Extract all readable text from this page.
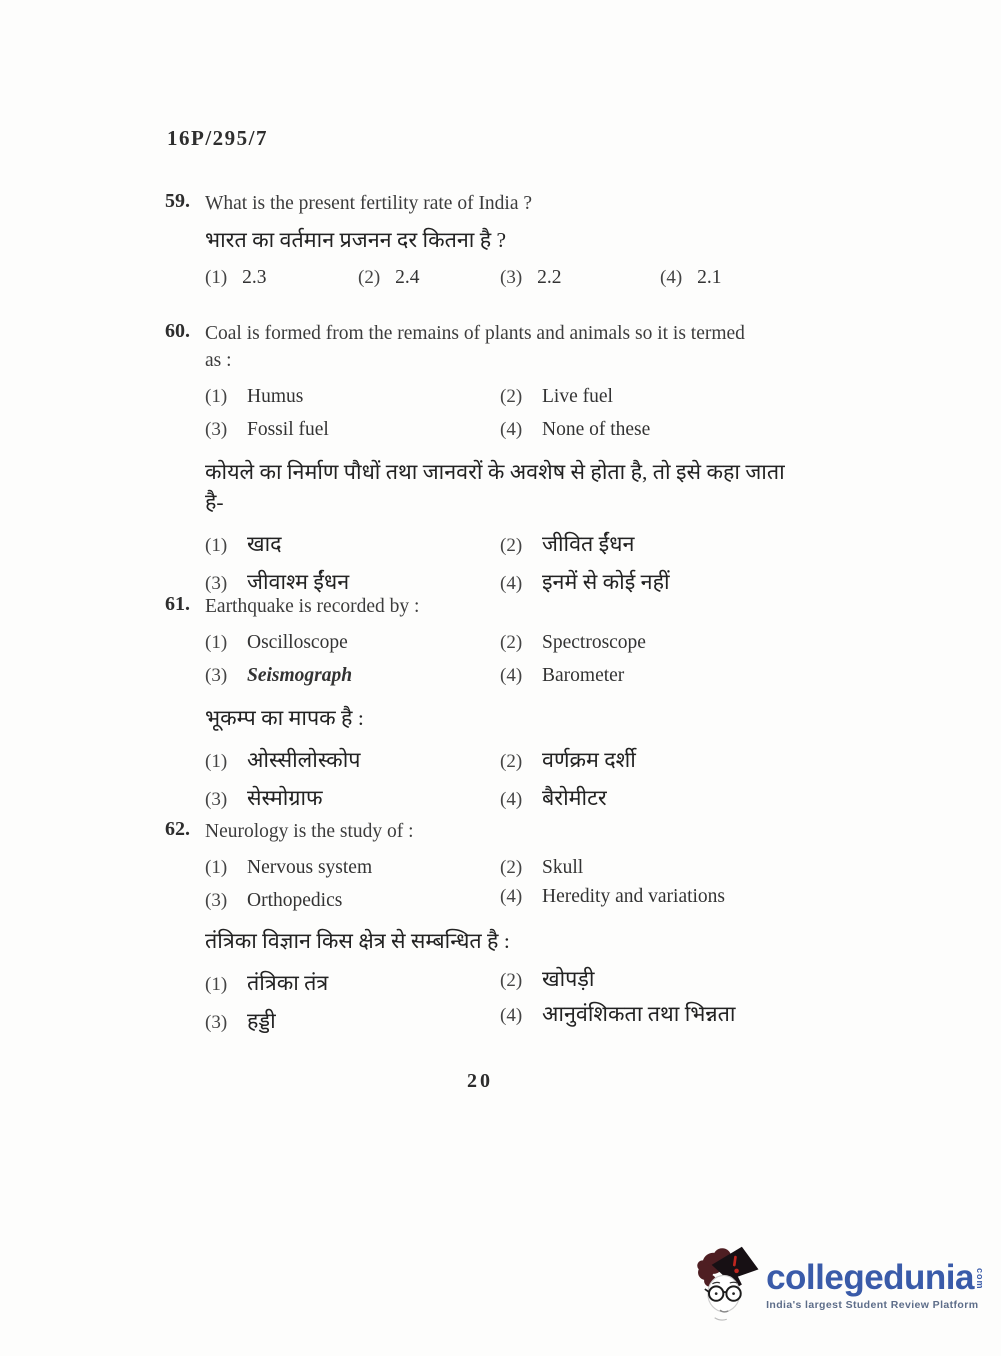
16P/295/7
59. What is the present fertility rate of India ?
भारत का वर्तमान प्रजनन दर कितना है ?
(1) 2.3	(2) 2.4	(3) 2.2	(4) 2.1
60. Coal is formed from the remains of plants and animals so it is termed
as :
(1)	Humus	(2)	Live fuel
(3)	Fossil fuel	(4)	None of these
कोयले का निर्माण पौधों तथा जानवरों के अवशेष से होता है, तो इसे कहा जाता
है-
(1) खाद	(2) जीवित ईंधन
(3) जीवाश्म ईंधन	(4) इनमें से कोई नहीं
61. Earthquake is recorded by :
(1)	Oscilloscope	(2)	Spectroscope
(3)	Seismograph	(4)	Barometer
भूकम्प का मापक है :
(1) ओस्सीलोस्कोप	(2) वर्णक्रम दर्शी
(3) सेस्मोग्राफ	(4) बैरोमीटर
62. Neurology is the study of :
(1)	Nervous system	(2)	Skull
(3)	Orthopedics	(4)	Heredity and variations
तंत्रिका विज्ञान किस क्षेत्र से सम्बन्धित है :
(1) तंत्रिका तंत्र	(2) खोपड़ी
(3) हड्डी	(4) आनुवंशिकता तथा भिन्नता
20
collegedunia com
India's largest Student Review Platform
